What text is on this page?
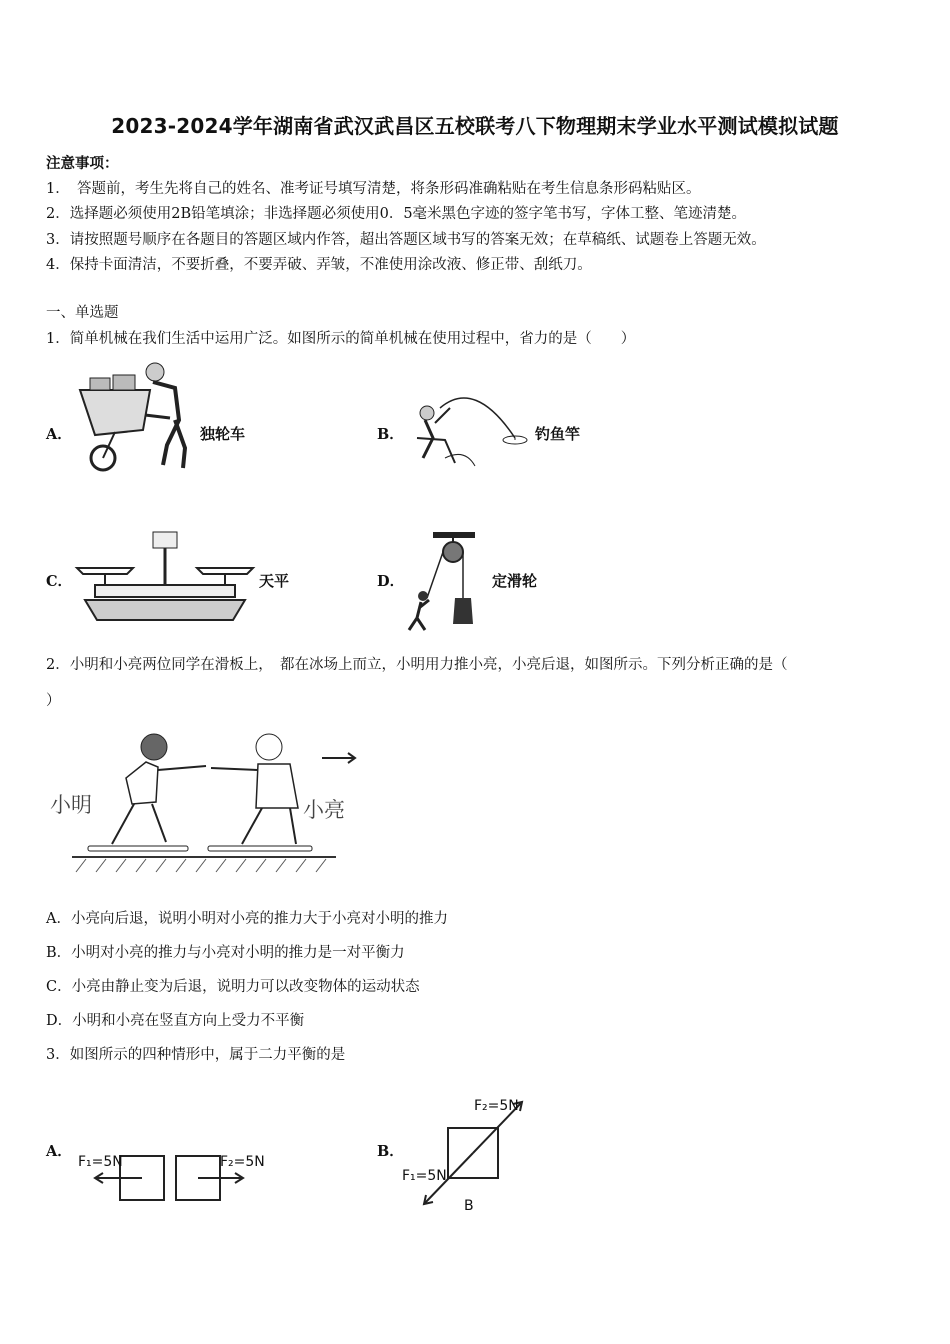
2023-2024学年湖南省武汉武昌区五校联考八下物理期末学业水平测试模拟试题
注意事项：
1．　答题前，考生先将自己的姓名、准考证号填写清楚，将条形码准确粘贴在考生信息条形码粘贴区。
2．选择题必须使用2B铅笔填涂；非选择题必须使用0．5毫米黑色字迹的签字笔书写，字体工整、笔迹清楚。
3．请按照题号顺序在各题目的答题区域内作答，超出答题区域书写的答案无效；在草稿纸、试题卷上答题无效。
4．保持卡面清洁，不要折叠，不要弄破、弄皱，不准使用涂改液、修正带、刮纸刀。
一、单选题
1．简单机械在我们生活中运用广泛。如图所示的简单机械在使用过程中，省力的是（　　）
A．	独轮车	B．	钓鱼竿
C．	天平	D．	定滑轮
2．小明和小亮两位同学在滑板上，　都在冰场上而立，小明用力推小亮，小亮后退，如图所示。下列分析正确的是（
）
小明	小亮
A．小亮向后退，说明小明对小亮的推力大于小亮对小明的推力
B．小明对小亮的推力与小亮对小明的推力是一对平衡力
C．小亮由静止变为后退，说明力可以改变物体的运动状态
D．小明和小亮在竖直方向上受力不平衡
3．如图所示的四种情形中，属于二力平衡的是
A．
F₁=5N	F₂=5N
B．
F₂=5N
F₁=5N
B
